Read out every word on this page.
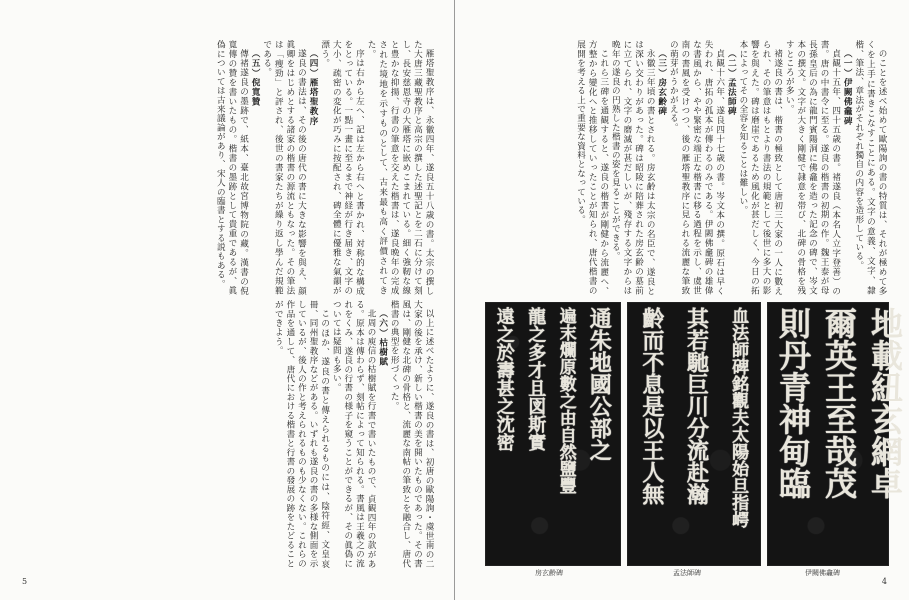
雁塔聖教序は、永徽四年、遂良五十八歳の書。太宗の撰した大唐三藏聖教序と高宗の撰した述聖記とを二石に分けて刻し、長安慈恩寺の大雁塔に嵌めこまれている。細く強靭な線と豊かな抑揚、行書の筆意を交えた楷書は、遂良晩年の完成された境地を示すものとして、古来最も高く評價されてきた。

序は右から左へ、記は左から右へと書かれ、対称的な構成をとっている。一點一畫に至るまで神経が行き届き、文字の大小、疏密の変化が巧みに按配され、碑全體に優雅な氣韻が漂う。

（四）雁塔聖教序

遂良の書法は、その後の唐代の書に大きな影響を與え、顔眞卿をはじめとする諸家の楷書の源流ともなった。その筆法は「瘦勁」と評され、後世の書家たちが繰り返し學んだ規範である。

（五）倪寬贊

傳褚遂良の墨跡で、紙本、臺北故宮博物院の藏。漢書の倪寬傳の贊を書いたもの。楷書の墨跡として貴重であるが、眞偽については古来議論があり、宋人の臨書とする説もある。

以上に述べたように、遂良の書は、初唐の歐陽詢・虞世南の二大家の後を承け、新しい楷書の美を開いたものであった。その書風は、剛健な北碑の骨格と、流麗な南帖の筆致とを融合し、唐代楷書の典型を形づくった。

（六）枯樹賦

北周の庾信の枯樹賦を行書で書いたもので、貞観四年の款がある。原本は傳わらず、刻帖によって知られる。書風は王羲之の流れをくみ、遂良の行書の様子を窺うことができるが、その眞偽については疑問も多い。

このほか、遂良の書と傳えられるものには、陰符經、文皇哀冊、同州聖教序などがある。いずれも遂良の書の多様な側面を示しているが、後人の作と考えられるものも少なくない。これらの作品を通して、唐代における楷書と行書の發展の跡をたどることができよう。

5

のことを述べ始めて歐陽詢の書の特質は、それが極めて多くを上手に書きこなすことにある。文字の意義、文字、隸楷、筆法、章法がそれぞれ獨自の内容を造形している。

（一）伊闕佛龕碑

貞観十五年、四十五歳の書。褚遂良（本名人立字登善）の書。唐の中書令に至る。遂良の楷書の初期の作。魏王泰が母長孫皇后の為に龍門賓陽洞に佛龕を造った記念の碑で、岑文本の撰文。文字が大きく剛健で隷意を帯び、北碑の骨格を残すところが多い。

褚遂良の書は、楷書の極致として唐初三大家の一人に數えられ、その筆意はもとより書法の規範として後世に多大の影響を與えた。碑は磨崖であるため風化が甚だしく、今日の拓本によってその全容を知ることは難しい。

（二）孟法師碑

貞観十六年、遂良四十七歳の書。岑文本の撰。原石は早く失われ、唐拓の孤本が傳わるのみである。伊闕佛龕碑の雄偉な書風から、やや緊密な端正な楷書に移る過程を示し、虞世南の書風を受けつつ、後の雁塔聖教序に見られる流麗な筆致の萌芽がうかがえる。

（三）房玄齢碑

永徽三年頃の書とされる。房玄齢は太宗の名臣で、遂良とは深い交わりがあった。碑は昭陵に陪葬された房玄齢の墓前に立てられ、文字の磨滅が甚だしいが、殘存する文字からは晩年の遂良の円熟した楷書の姿を見ることができる。

これら三碑を通観すると、遂良の楷書が剛健から流麗へ、方整から變化へと推移していったことが知られ、唐代楷書の展開を考える上で重要な資料となっている。

通朱地國公部之
遍末爛原數之由自然鹽豐
龍之多才且図斯實
遠之於壽甚之沈密
房玄齢碑
血法師碑銘觀夫太陽始旦指崿
其若馳巨川分流赴瀚
齡而不息是以王人無
孟法師碑
地載紐玄網卓
爾英王至哉茂
則丹青神甸臨
伊闕佛龕碑
4
